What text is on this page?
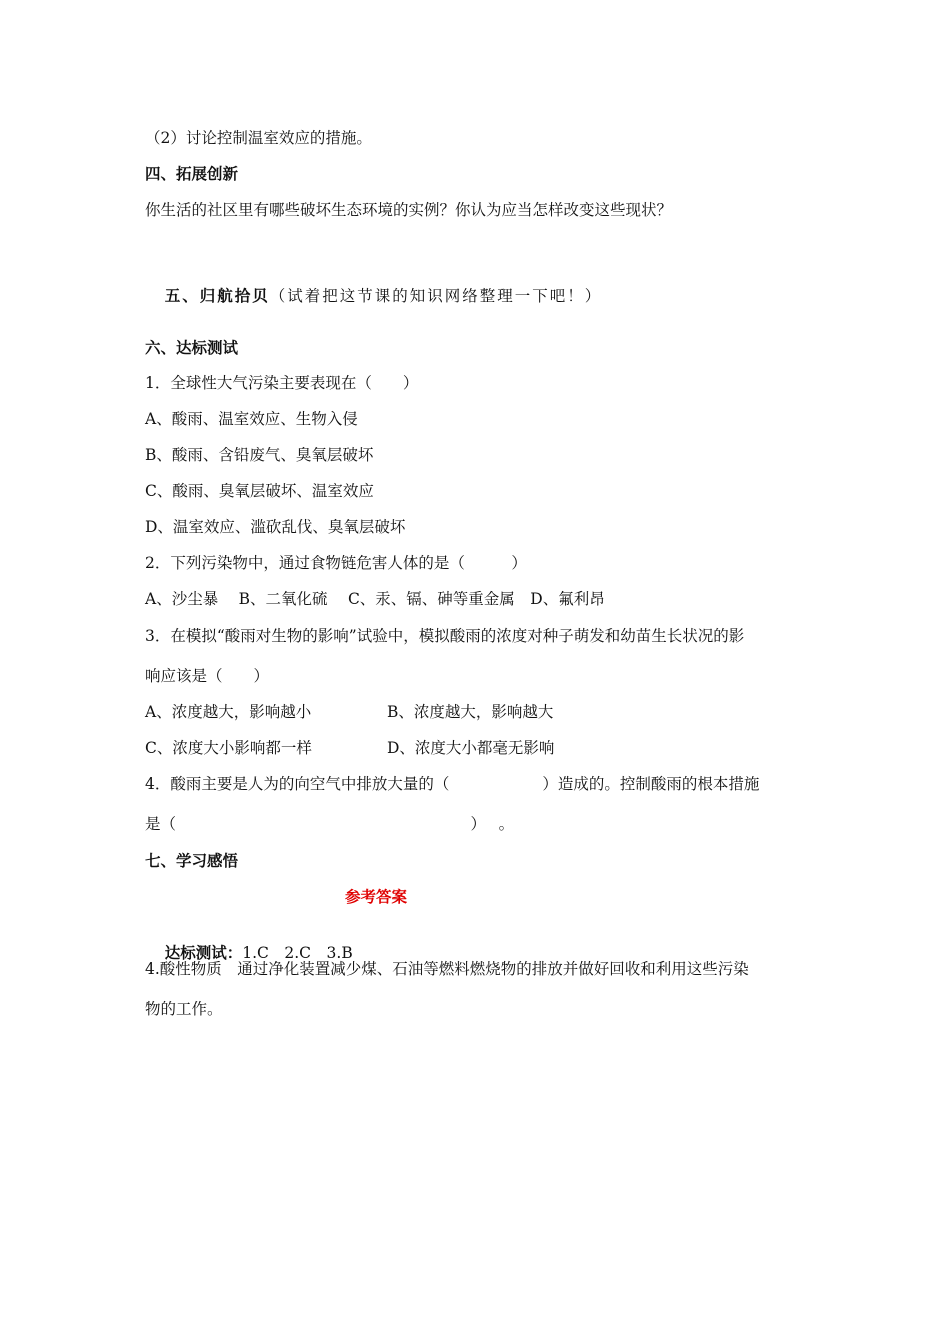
（2）讨论控制温室效应的措施。
四、拓展创新
你生活的社区里有哪些破坏生态环境的实例？你认为应当怎样改变这些现状？

五、归航拾贝（试着把这节课的知识网络整理一下吧！）

六、达标测试
1．全球性大气污染主要表现在（　　）
A、酸雨、温室效应、生物入侵
B、酸雨、含铅废气、臭氧层破坏
C、酸雨、臭氧层破坏、温室效应
D、温室效应、滥砍乱伐、臭氧层破坏
2．下列污染物中，通过食物链危害人体的是（　　　）
A、沙尘暴　 B、二氧化硫　 C、汞、镉、砷等重金属　D、氟利昂
3．在模拟“酸雨对生物的影响”试验中，模拟酸雨的浓度对种子萌发和幼苗生长状况的影
响应该是（　　）
A、浓度越大，影响越小	B、浓度越大，影响越大
C、浓度大小影响都一样	D、浓度大小都毫无影响
4．酸雨主要是人为的向空气中排放大量的（　　　　　　）造成的。控制酸雨的根本措施
是（　　　　　　　　　　　　　　　　　　　）　 。
七、学习感悟
参考答案

达标测试：1.C　2.C　3.B

4.酸性物质　通过净化装置减少煤、石油等燃料燃烧物的排放并做好回收和利用这些污染
物的工作。
